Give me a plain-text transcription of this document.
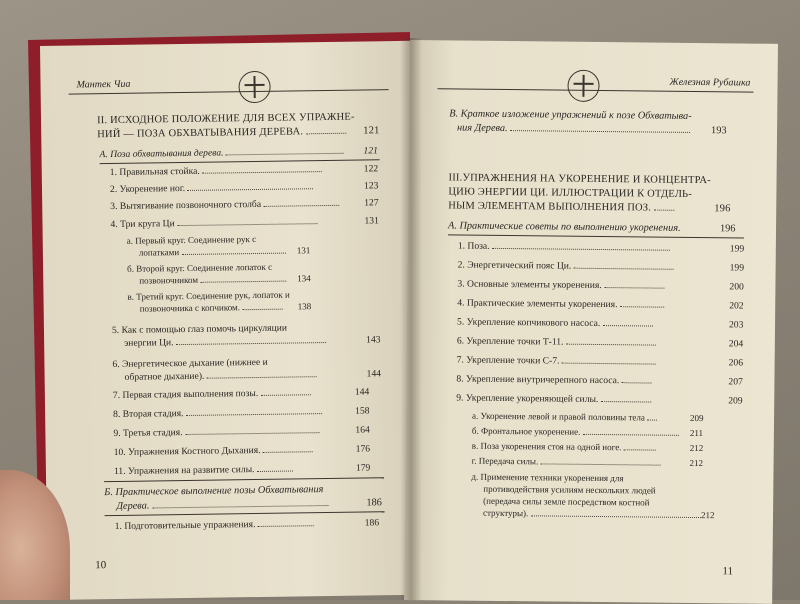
Мантек Чиа
II. ИСХОДНОЕ ПОЛОЖЕНИЕ ДЛЯ ВСЕХ УПРАЖНЕ-
НИЙ — ПОЗА ОБХВАТЫВАНИЯ ДЕРЕВА.	121
А. Поза обхватывания дерева.	121
1. Правильная стойка.	122
2. Укоренение ног.	123
3. Вытягивание позвоночного столба	127
4. Три круга Ци	131
а. Первый круг. Соединение рук с
лопатками	131
б. Второй круг. Соединение лопаток с
позвоночником	134
в. Третий круг. Соединение рук, лопаток и
позвоночника с копчиком.	138
5. Как с помощью глаз помочь циркуляции
энергии Ци.	143
6. Энергетическое дыхание (нижнее и
обратное дыхание).	144
7. Первая стадия выполнения позы.	144
8. Вторая стадия.	158
9. Третья стадия.	164
10. Упражнения Костного Дыхания.	176
11. Упражнения на развитие силы.	179
Б. Практическое выполнение позы Обхватывания
Дерева.	186
1. Подготовительные упражнения.	186
10
Железная Рубашка
В. Краткое изложение упражнений к позе Обхватыва-
ния Дерева.	193
III.УПРАЖНЕНИЯ НА УКОРЕНЕНИЕ И КОНЦЕНТРА-
ЦИЮ ЭНЕРГИИ ЦИ. ИЛЛЮСТРАЦИИ К ОТДЕЛЬ-
НЫМ ЭЛЕМЕНТАМ ВЫПОЛНЕНИЯ ПОЗ.	196
А. Практические советы по выполнению укоренения.	196
1. Поза.	199
2. Энергетический пояс Ци.	199
3. Основные элементы укоренения.	200
4. Практические элементы укоренения.	202
5. Укрепление копчикового насоса.	203
6. Укрепление точки Т-11.	204
7. Укрепление точки С-7.	206
8. Укрепление внутричерепного насоса.	207
9. Укрепление укореняющей силы.	209
а. Укоренение левой и правой половины тела	209
б. Фронтальное укоренение.	211
в. Поза укоренения стоя на одной ноге.	212
г. Передача силы.	212
д. Применение техники укоренения для
противодействия усилиям нескольких людей
(передача силы земле посредством костной
структуры).	212
11
